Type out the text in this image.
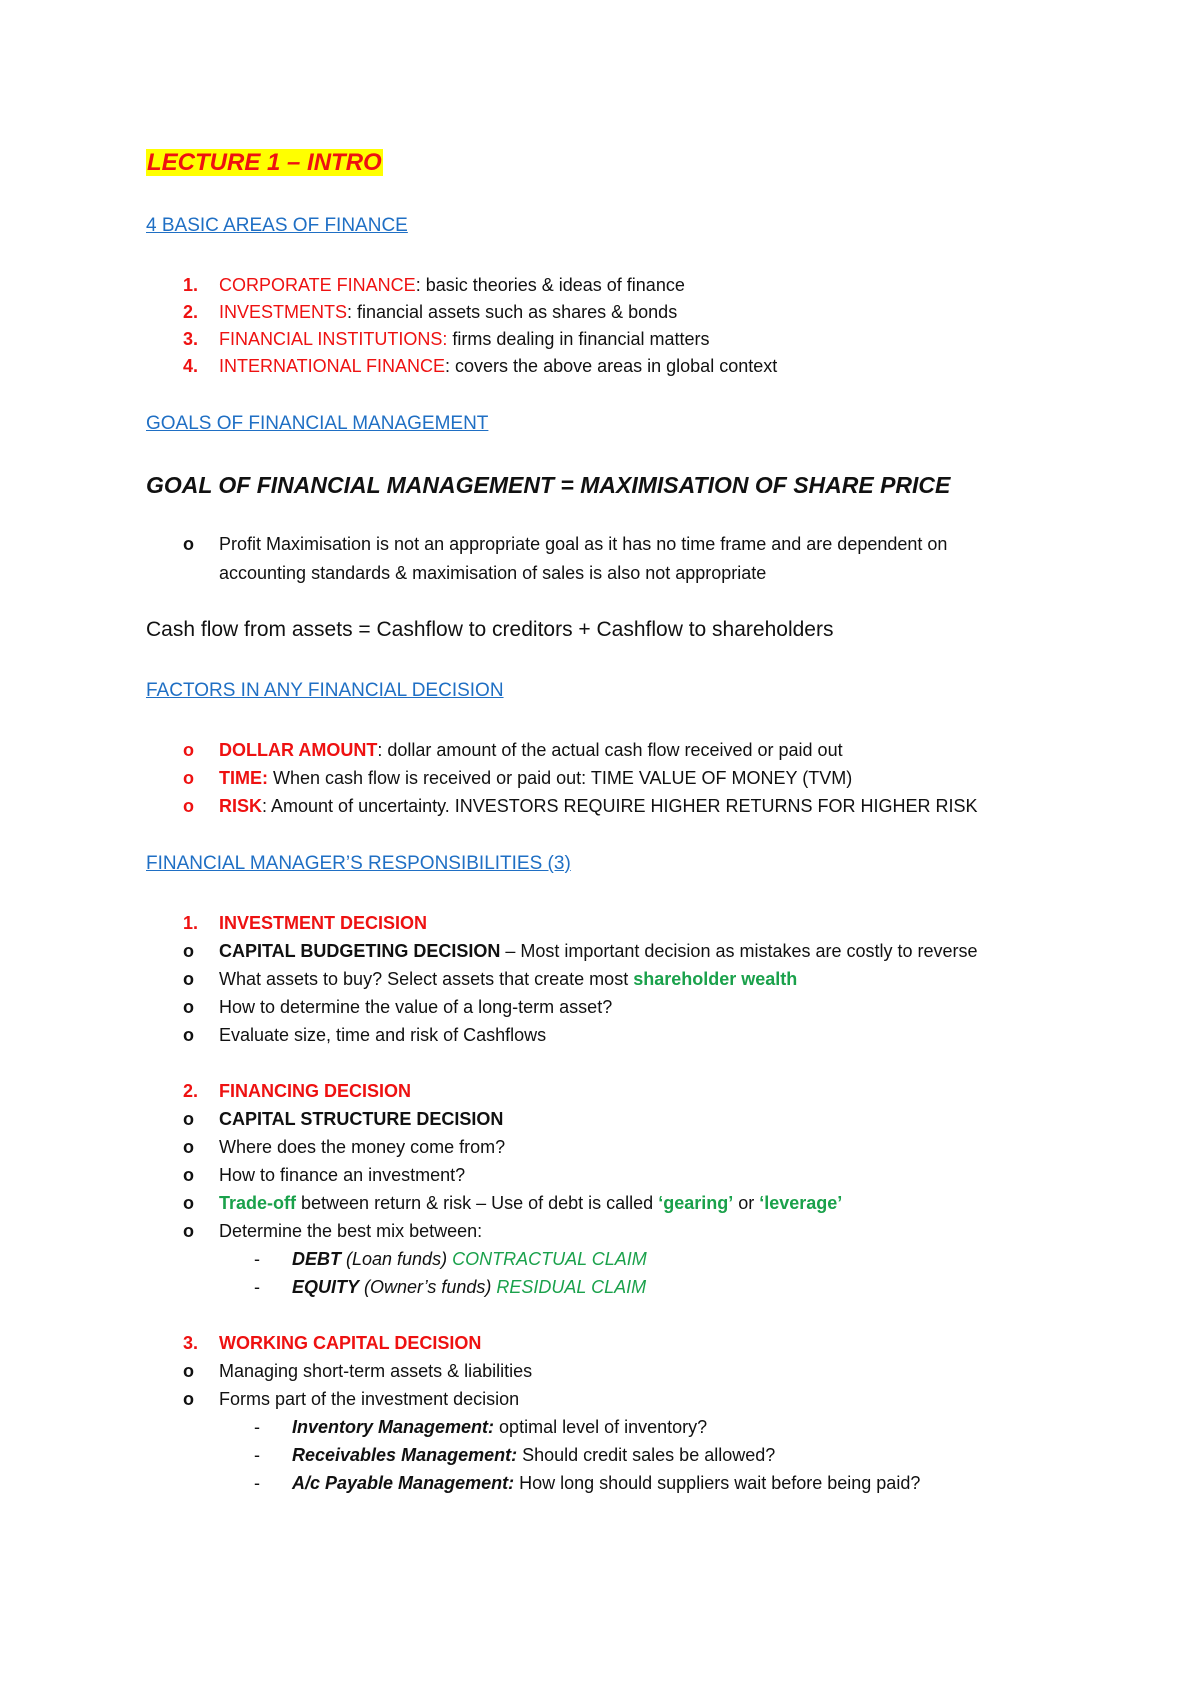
LECTURE 1 – INTRO
4 BASIC AREAS OF FINANCE
1.	CORPORATE FINANCE: basic theories & ideas of finance
2.	INVESTMENTS: financial assets such as shares & bonds
3.	FINANCIAL INSTITUTIONS: firms dealing in financial matters
4.	INTERNATIONAL FINANCE: covers the above areas in global context
GOALS OF FINANCIAL MANAGEMENT
GOAL OF FINANCIAL MANAGEMENT = MAXIMISATION OF SHARE PRICE
o Profit Maximisation is not an appropriate goal as it has no time frame and are dependent on
accounting standards & maximisation of sales is also not appropriate
Cash flow from assets = Cashflow to creditors + Cashflow to shareholders
FACTORS IN ANY FINANCIAL DECISION
o DOLLAR AMOUNT: dollar amount of the actual cash flow received or paid out
o TIME: When cash flow is received or paid out: TIME VALUE OF MONEY (TVM)
o RISK: Amount of uncertainty. INVESTORS REQUIRE HIGHER RETURNS FOR HIGHER RISK
FINANCIAL MANAGER’S RESPONSIBILITIES (3)
1.	INVESTMENT DECISION
o CAPITAL BUDGETING DECISION – Most important decision as mistakes are costly to reverse
o What assets to buy? Select assets that create most shareholder wealth
o How to determine the value of a long-term asset?
o Evaluate size, time and risk of Cashflows
2.	FINANCING DECISION
o CAPITAL STRUCTURE DECISION
o Where does the money come from?
o How to finance an investment?
o Trade-off between return & risk – Use of debt is called ‘gearing’ or ‘leverage’
o Determine the best mix between:
- DEBT (Loan funds) CONTRACTUAL CLAIM
- EQUITY (Owner’s funds) RESIDUAL CLAIM
3.	WORKING CAPITAL DECISION
o Managing short-term assets & liabilities
o Forms part of the investment decision
- Inventory Management: optimal level of inventory?
- Receivables Management: Should credit sales be allowed?
- A/c Payable Management: How long should suppliers wait before being paid?
